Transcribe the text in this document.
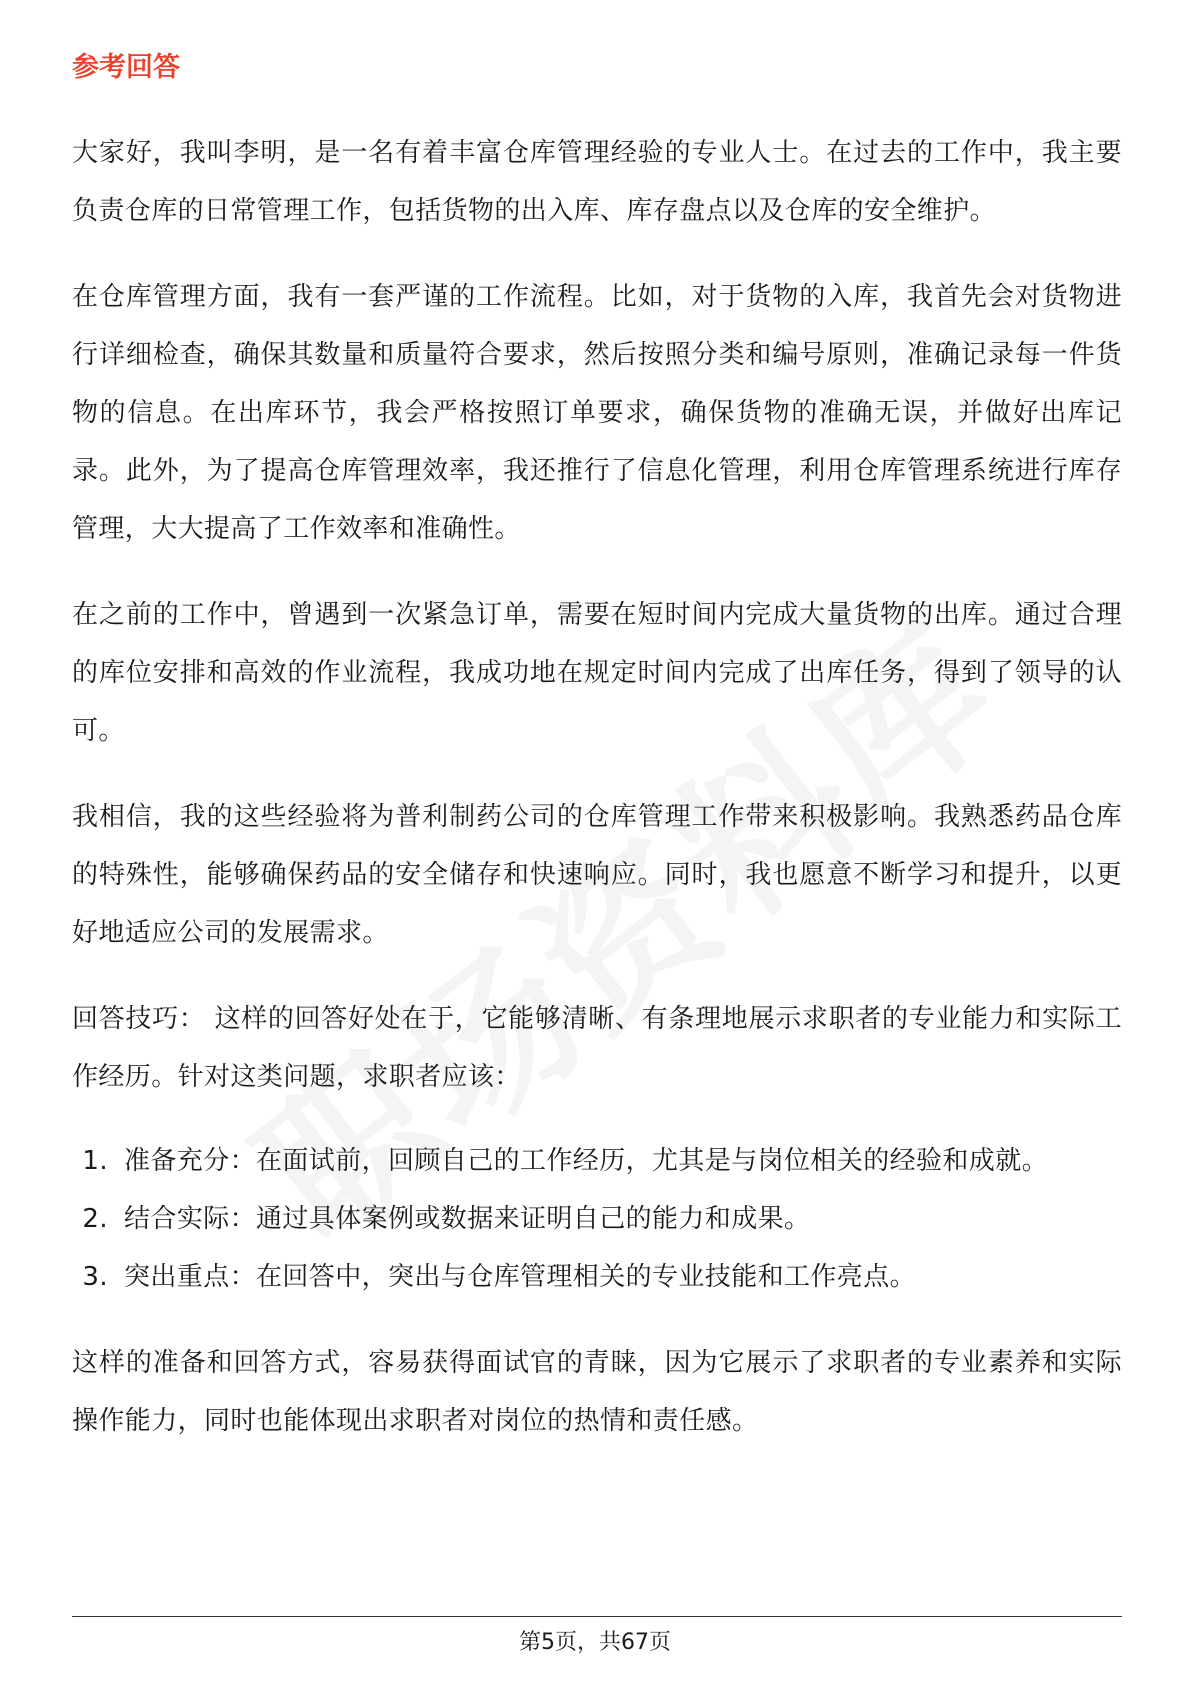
参考回答

大家好，我叫李明，是一名有着丰富仓库管理经验的专业人士。在过去的工作中，我主要负责仓库的日常管理工作，包括货物的出入库、库存盘点以及仓库的安全维护。

在仓库管理方面，我有一套严谨的工作流程。比如，对于货物的入库，我首先会对货物进行详细检查，确保其数量和质量符合要求，然后按照分类和编号原则，准确记录每一件货物的信息。在出库环节，我会严格按照订单要求，确保货物的准确无误，并做好出库记录。此外，为了提高仓库管理效率，我还推行了信息化管理，利用仓库管理系统进行库存管理，大大提高了工作效率和准确性。

在之前的工作中，曾遇到一次紧急订单，需要在短时间内完成大量货物的出库。通过合理的库位安排和高效的作业流程，我成功地在规定时间内完成了出库任务，得到了领导的认可。

我相信，我的这些经验将为普利制药公司的仓库管理工作带来积极影响。我熟悉药品仓库的特殊性，能够确保药品的安全储存和快速响应。同时，我也愿意不断学习和提升，以更好地适应公司的发展需求。

回答技巧： 这样的回答好处在于，它能够清晰、有条理地展示求职者的专业能力和实际工作经历。针对这类问题，求职者应该：

1. 准备充分：在面试前，回顾自己的工作经历，尤其是与岗位相关的经验和成就。
2. 结合实际：通过具体案例或数据来证明自己的能力和成果。
3. 突出重点：在回答中，突出与仓库管理相关的专业技能和工作亮点。

这样的准备和回答方式，容易获得面试官的青睐，因为它展示了求职者的专业素养和实际操作能力，同时也能体现出求职者对岗位的热情和责任感。

第5页，共67页
